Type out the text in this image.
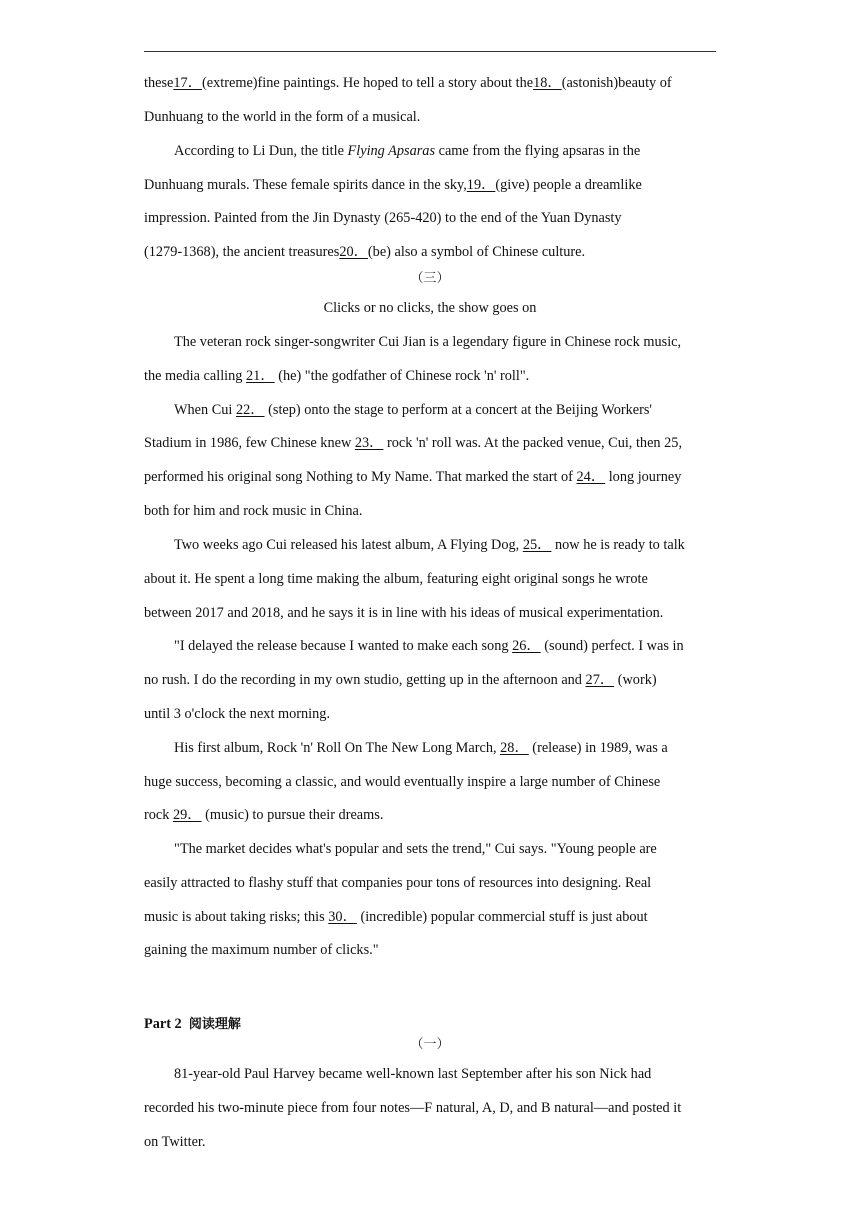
these17．(extreme)fine paintings. He hoped to tell a story about the18．(astonish)beauty of
Dunhuang to the world in the form of a musical.
According to Li Dun, the title Flying Apsaras came from the flying apsaras in the
Dunhuang murals. These female spirits dance in the sky,19．(give) people a dreamlike
impression. Painted from the Jin Dynasty (265-420) to the end of the Yuan Dynasty
(1279-1368), the ancient treasures20．(be) also a symbol of Chinese culture.
（三）
Clicks or no clicks, the show goes on
The veteran rock singer-songwriter Cui Jian is a legendary figure in Chinese rock music,
the media calling 21． (he) "the godfather of Chinese rock 'n' roll".
When Cui 22． (step) onto the stage to perform at a concert at the Beijing Workers'
Stadium in 1986, few Chinese knew 23． rock 'n' roll was. At the packed venue, Cui, then 25,
performed his original song Nothing to My Name. That marked the start of 24． long journey
both for him and rock music in China.
Two weeks ago Cui released his latest album, A Flying Dog, 25． now he is ready to talk
about it. He spent a long time making the album, featuring eight original songs he wrote
between 2017 and 2018, and he says it is in line with his ideas of musical experimentation.
"I delayed the release because I wanted to make each song 26． (sound) perfect. I was in
no rush. I do the recording in my own studio, getting up in the afternoon and 27． (work)
until 3 o'clock the next morning.
His first album, Rock 'n' Roll On The New Long March, 28． (release) in 1989, was a
huge success, becoming a classic, and would eventually inspire a large number of Chinese
rock 29． (music) to pursue their dreams.
"The market decides what's popular and sets the trend," Cui says. "Young people are
easily attracted to flashy stuff that companies pour tons of resources into designing. Real
music is about taking risks; this 30． (incredible) popular commercial stuff is just about
gaining the maximum number of clicks."
Part 2 阅读理解
（一）
81-year-old Paul Harvey became well-known last September after his son Nick had
recorded his two-minute piece from four notes—F natural, A, D, and B natural—and posted it
on Twitter.
